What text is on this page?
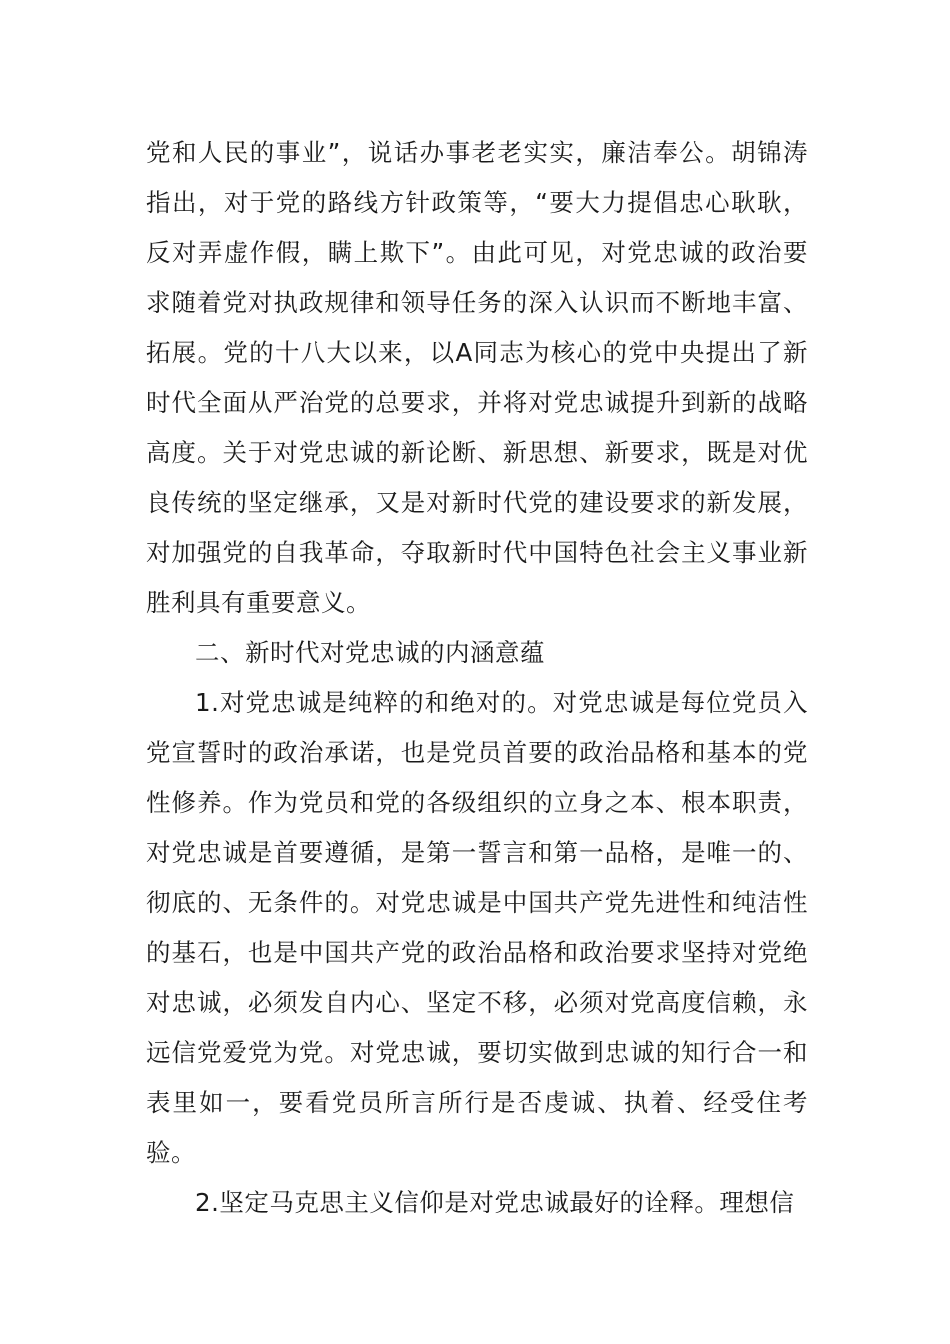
党和人民的事业”，说话办事老老实实，廉洁奉公。胡锦涛指出，对于党的路线方针政策等，“要大力提倡忠心耿耿，反对弄虚作假，瞒上欺下”。由此可见，对党忠诚的政治要求随着党对执政规律和领导任务的深入认识而不断地丰富、拓展。党的十八大以来，以A同志为核心的党中央提出了新时代全面从严治党的总要求，并将对党忠诚提升到新的战略高度。关于对党忠诚的新论断、新思想、新要求，既是对优良传统的坚定继承，又是对新时代党的建设要求的新发展，对加强党的自我革命，夺取新时代中国特色社会主义事业新胜利具有重要意义。

二、新时代对党忠诚的内涵意蕴

1.对党忠诚是纯粹的和绝对的。对党忠诚是每位党员入党宣誓时的政治承诺，也是党员首要的政治品格和基本的党性修养。作为党员和党的各级组织的立身之本、根本职责，对党忠诚是首要遵循，是第一誓言和第一品格，是唯一的、彻底的、无条件的。对党忠诚是中国共产党先进性和纯洁性的基石，也是中国共产党的政治品格和政治要求坚持对党绝对忠诚，必须发自内心、坚定不移，必须对党高度信赖，永远信党爱党为党。对党忠诚，要切实做到忠诚的知行合一和表里如一，要看党员所言所行是否虔诚、执着、经受住考验。

2.坚定马克思主义信仰是对党忠诚最好的诠释。理想信
